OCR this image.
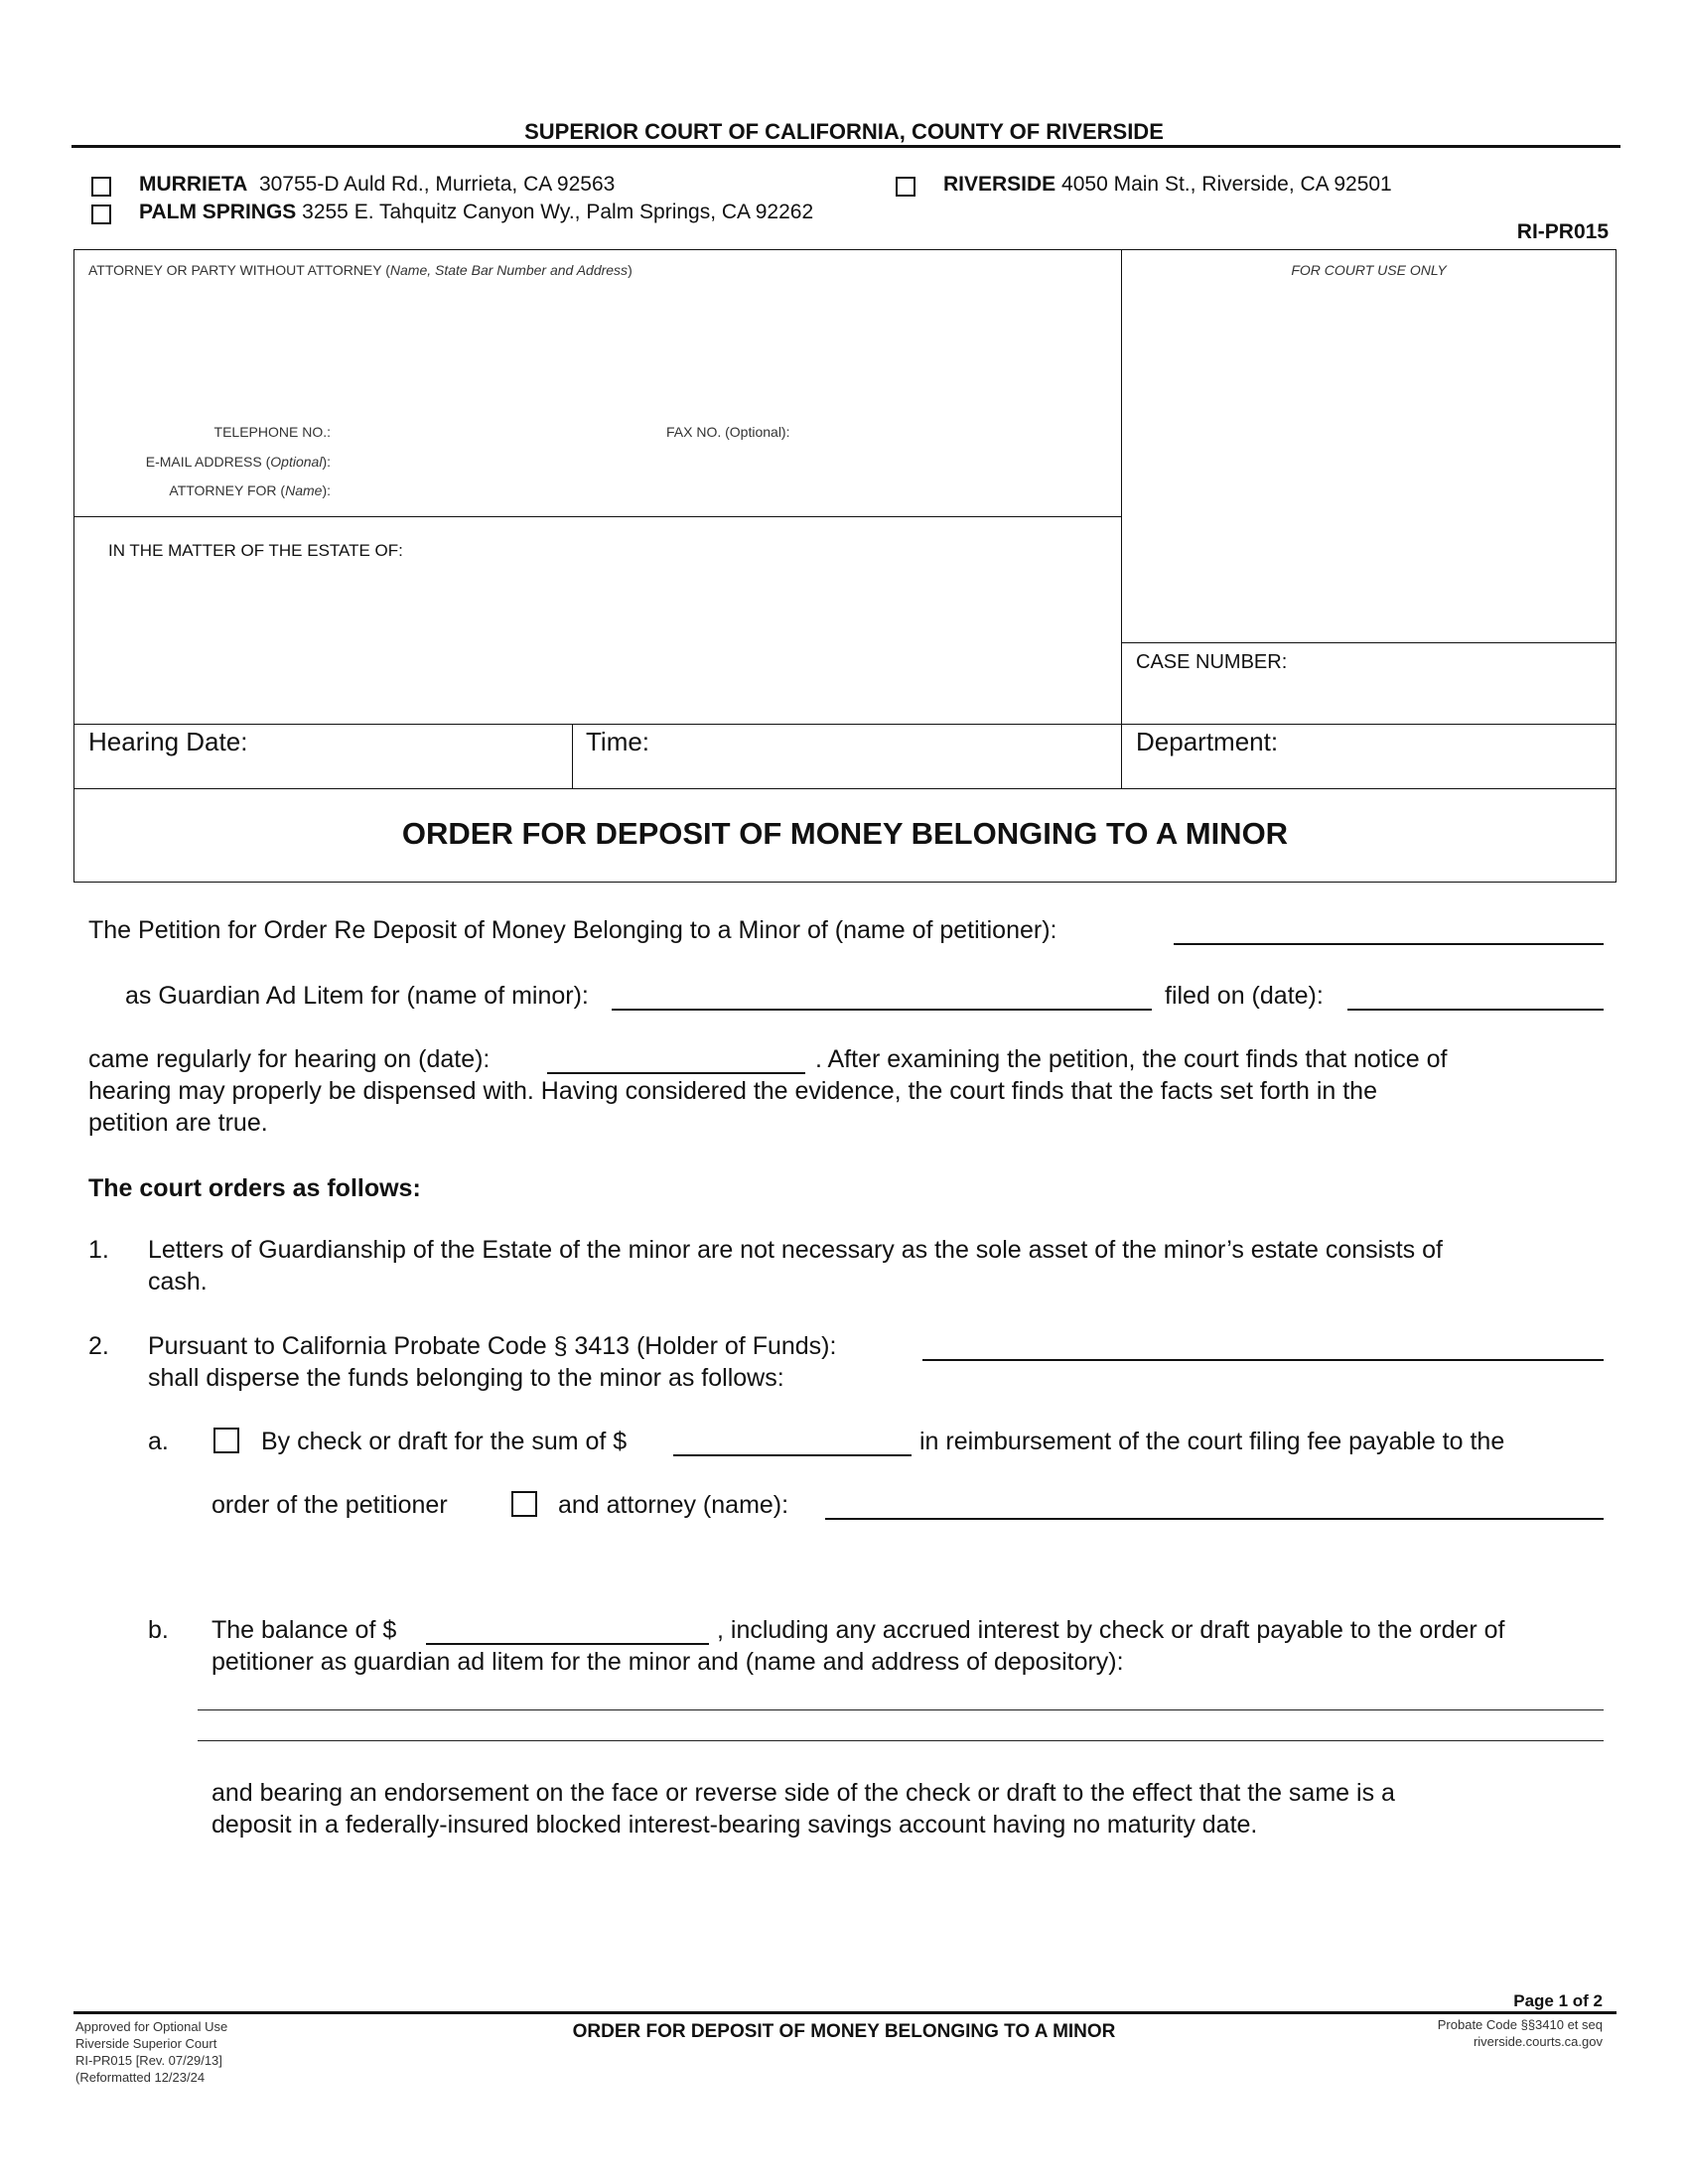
SUPERIOR COURT OF CALIFORNIA, COUNTY OF RIVERSIDE
MURRIETA 30755-D Auld Rd., Murrieta, CA 92563
PALM SPRINGS 3255 E. Tahquitz Canyon Wy., Palm Springs, CA 92262
RIVERSIDE 4050 Main St., Riverside, CA 92501
RI-PR015
ATTORNEY OR PARTY WITHOUT ATTORNEY (Name, State Bar Number and Address)	FOR COURT USE ONLY
TELEPHONE NO.:	FAX NO. (Optional):
E-MAIL ADDRESS (Optional):
ATTORNEY FOR (Name):
IN THE MATTER OF THE ESTATE OF:
CASE NUMBER:
Hearing Date:	Time:	Department:
ORDER FOR DEPOSIT OF MONEY BELONGING TO A MINOR
The Petition for Order Re Deposit of Money Belonging to a Minor of (name of petitioner):
as Guardian Ad Litem for (name of minor):	filed on (date):
came regularly for hearing on (date):	. After examining the petition, the court finds that notice of
hearing may properly be dispensed with. Having considered the evidence, the court finds that the facts set forth in the
petition are true.
The court orders as follows:
1. Letters of Guardianship of the Estate of the minor are not necessary as the sole asset of the minor’s estate consists of
cash.
2. Pursuant to California Probate Code § 3413 (Holder of Funds):
shall disperse the funds belonging to the minor as follows:
a.	By check or draft for the sum of $	in reimbursement of the court filing fee payable to the
order of the petitioner	and attorney (name):
b. The balance of $	, including any accrued interest by check or draft payable to the order of
petitioner as guardian ad litem for the minor and (name and address of depository):
and bearing an endorsement on the face or reverse side of the check or draft to the effect that the same is a
deposit in a federally-insured blocked interest-bearing savings account having no maturity date.
Page 1 of 2
Approved for Optional Use
Riverside Superior Court
RI-PR015 [Rev. 07/29/13]
(Reformatted 12/23/24
ORDER FOR DEPOSIT OF MONEY BELONGING TO A MINOR	Probate Code §§3410 et seq
riverside.courts.ca.gov
